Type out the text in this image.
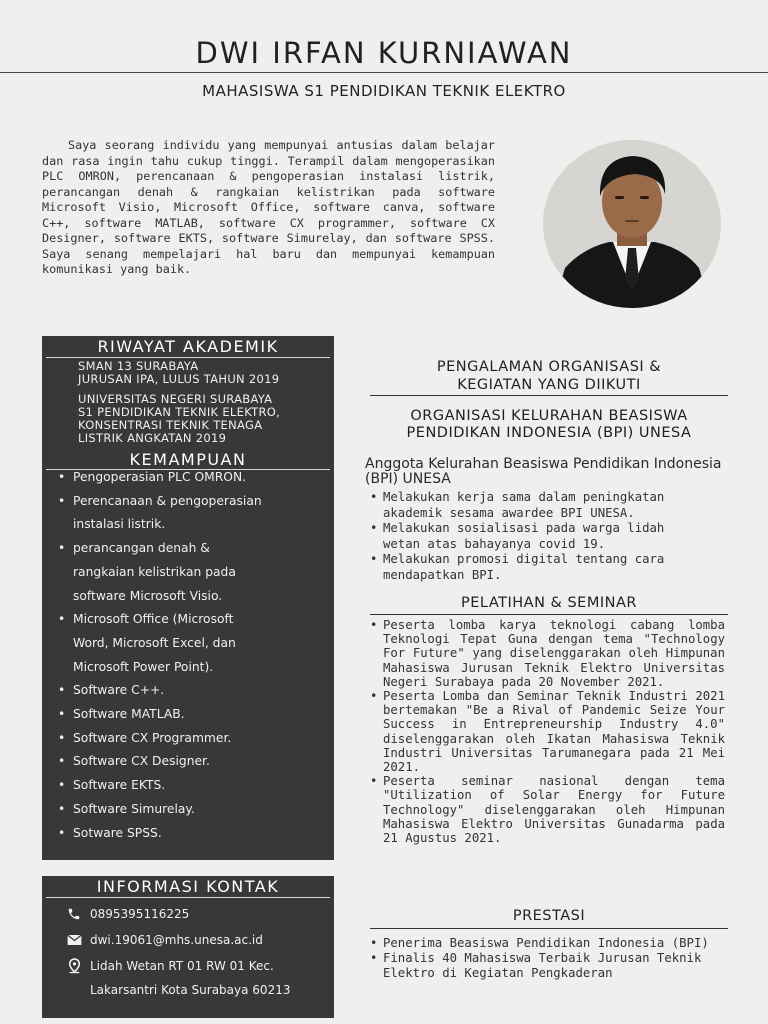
DWI IRFAN KURNIAWAN
MAHASISWA S1 PENDIDIKAN TEKNIK ELEKTRO

Saya seorang individu yang mempunyai antusias dalam belajar dan rasa ingin tahu cukup tinggi. Terampil dalam mengoperasikan PLC OMRON, perencanaan & pengoperasian instalasi listrik, perancangan denah & rangkaian kelistrikan pada software Microsoft Visio, Microsoft Office, software canva, software C++, software MATLAB, software CX programmer, software CX Designer, software EKTS, software Simurelay, dan software SPSS. Saya senang mempelajari hal baru dan mempunyai kemampuan komunikasi yang baik.

RIWAYAT AKADEMIK
SMAN 13 SURABAYA
JURUSAN IPA, LULUS TAHUN 2019
UNIVERSITAS NEGERI SURABAYA
S1 PENDIDIKAN TEKNIK ELEKTRO,
KONSENTRASI TEKNIK TENAGA
LISTRIK ANGKATAN 2019
KEMAMPUAN
• Pengoperasian PLC OMRON.
• Perencanaan & pengoperasian
instalasi listrik.
• perancangan denah &
rangkaian kelistrikan pada
software Microsoft Visio.
• Microsoft Office (Microsoft
Word, Microsoft Excel, dan
Microsoft Power Point).
• Software C++.
• Software MATLAB.
• Software CX Programmer.
• Software CX Designer.
• Software EKTS.
• Software Simurelay.
• Sotware SPSS.
INFORMASI KONTAK
0895395116225
dwi.19061@mhs.unesa.ac.id
Lidah Wetan RT 01 RW 01 Kec.
Lakarsantri Kota Surabaya 60213
PENGALAMAN ORGANISASI &
KEGIATAN YANG DIIKUTI
ORGANISASI KELURAHAN BEASISWA
PENDIDIKAN INDONESIA (BPI) UNESA
Anggota Kelurahan Beasiswa Pendidikan Indonesia (BPI) UNESA
• Melakukan kerja sama dalam peningkatan akademik sesama awardee BPI UNESA.
• Melakukan sosialisasi pada warga lidah wetan atas bahayanya covid 19.
• Melakukan promosi digital tentang cara mendapatkan BPI.
PELATIHAN & SEMINAR
• Peserta lomba karya teknologi cabang lomba Teknologi Tepat Guna dengan tema "Technology For Future" yang diselenggarakan oleh Himpunan Mahasiswa Jurusan Teknik Elektro Universitas Negeri Surabaya pada 20 November 2021.
• Peserta Lomba dan Seminar Teknik Industri 2021 bertemakan "Be a Rival of Pandemic Seize Your Success in Entrepreneurship Industry 4.0" diselenggarakan oleh Ikatan Mahasiswa Teknik Industri Universitas Tarumanegara pada 21 Mei 2021.
• Peserta seminar nasional dengan tema "Utilization of Solar Energy for Future Technology" diselenggarakan oleh Himpunan Mahasiswa Elektro Universitas Gunadarma pada 21 Agustus 2021.
PRESTASI
• Penerima Beasiswa Pendidikan Indonesia (BPI)
• Finalis 40 Mahasiswa Terbaik Jurusan Teknik Elektro di Kegiatan Pengkaderan
